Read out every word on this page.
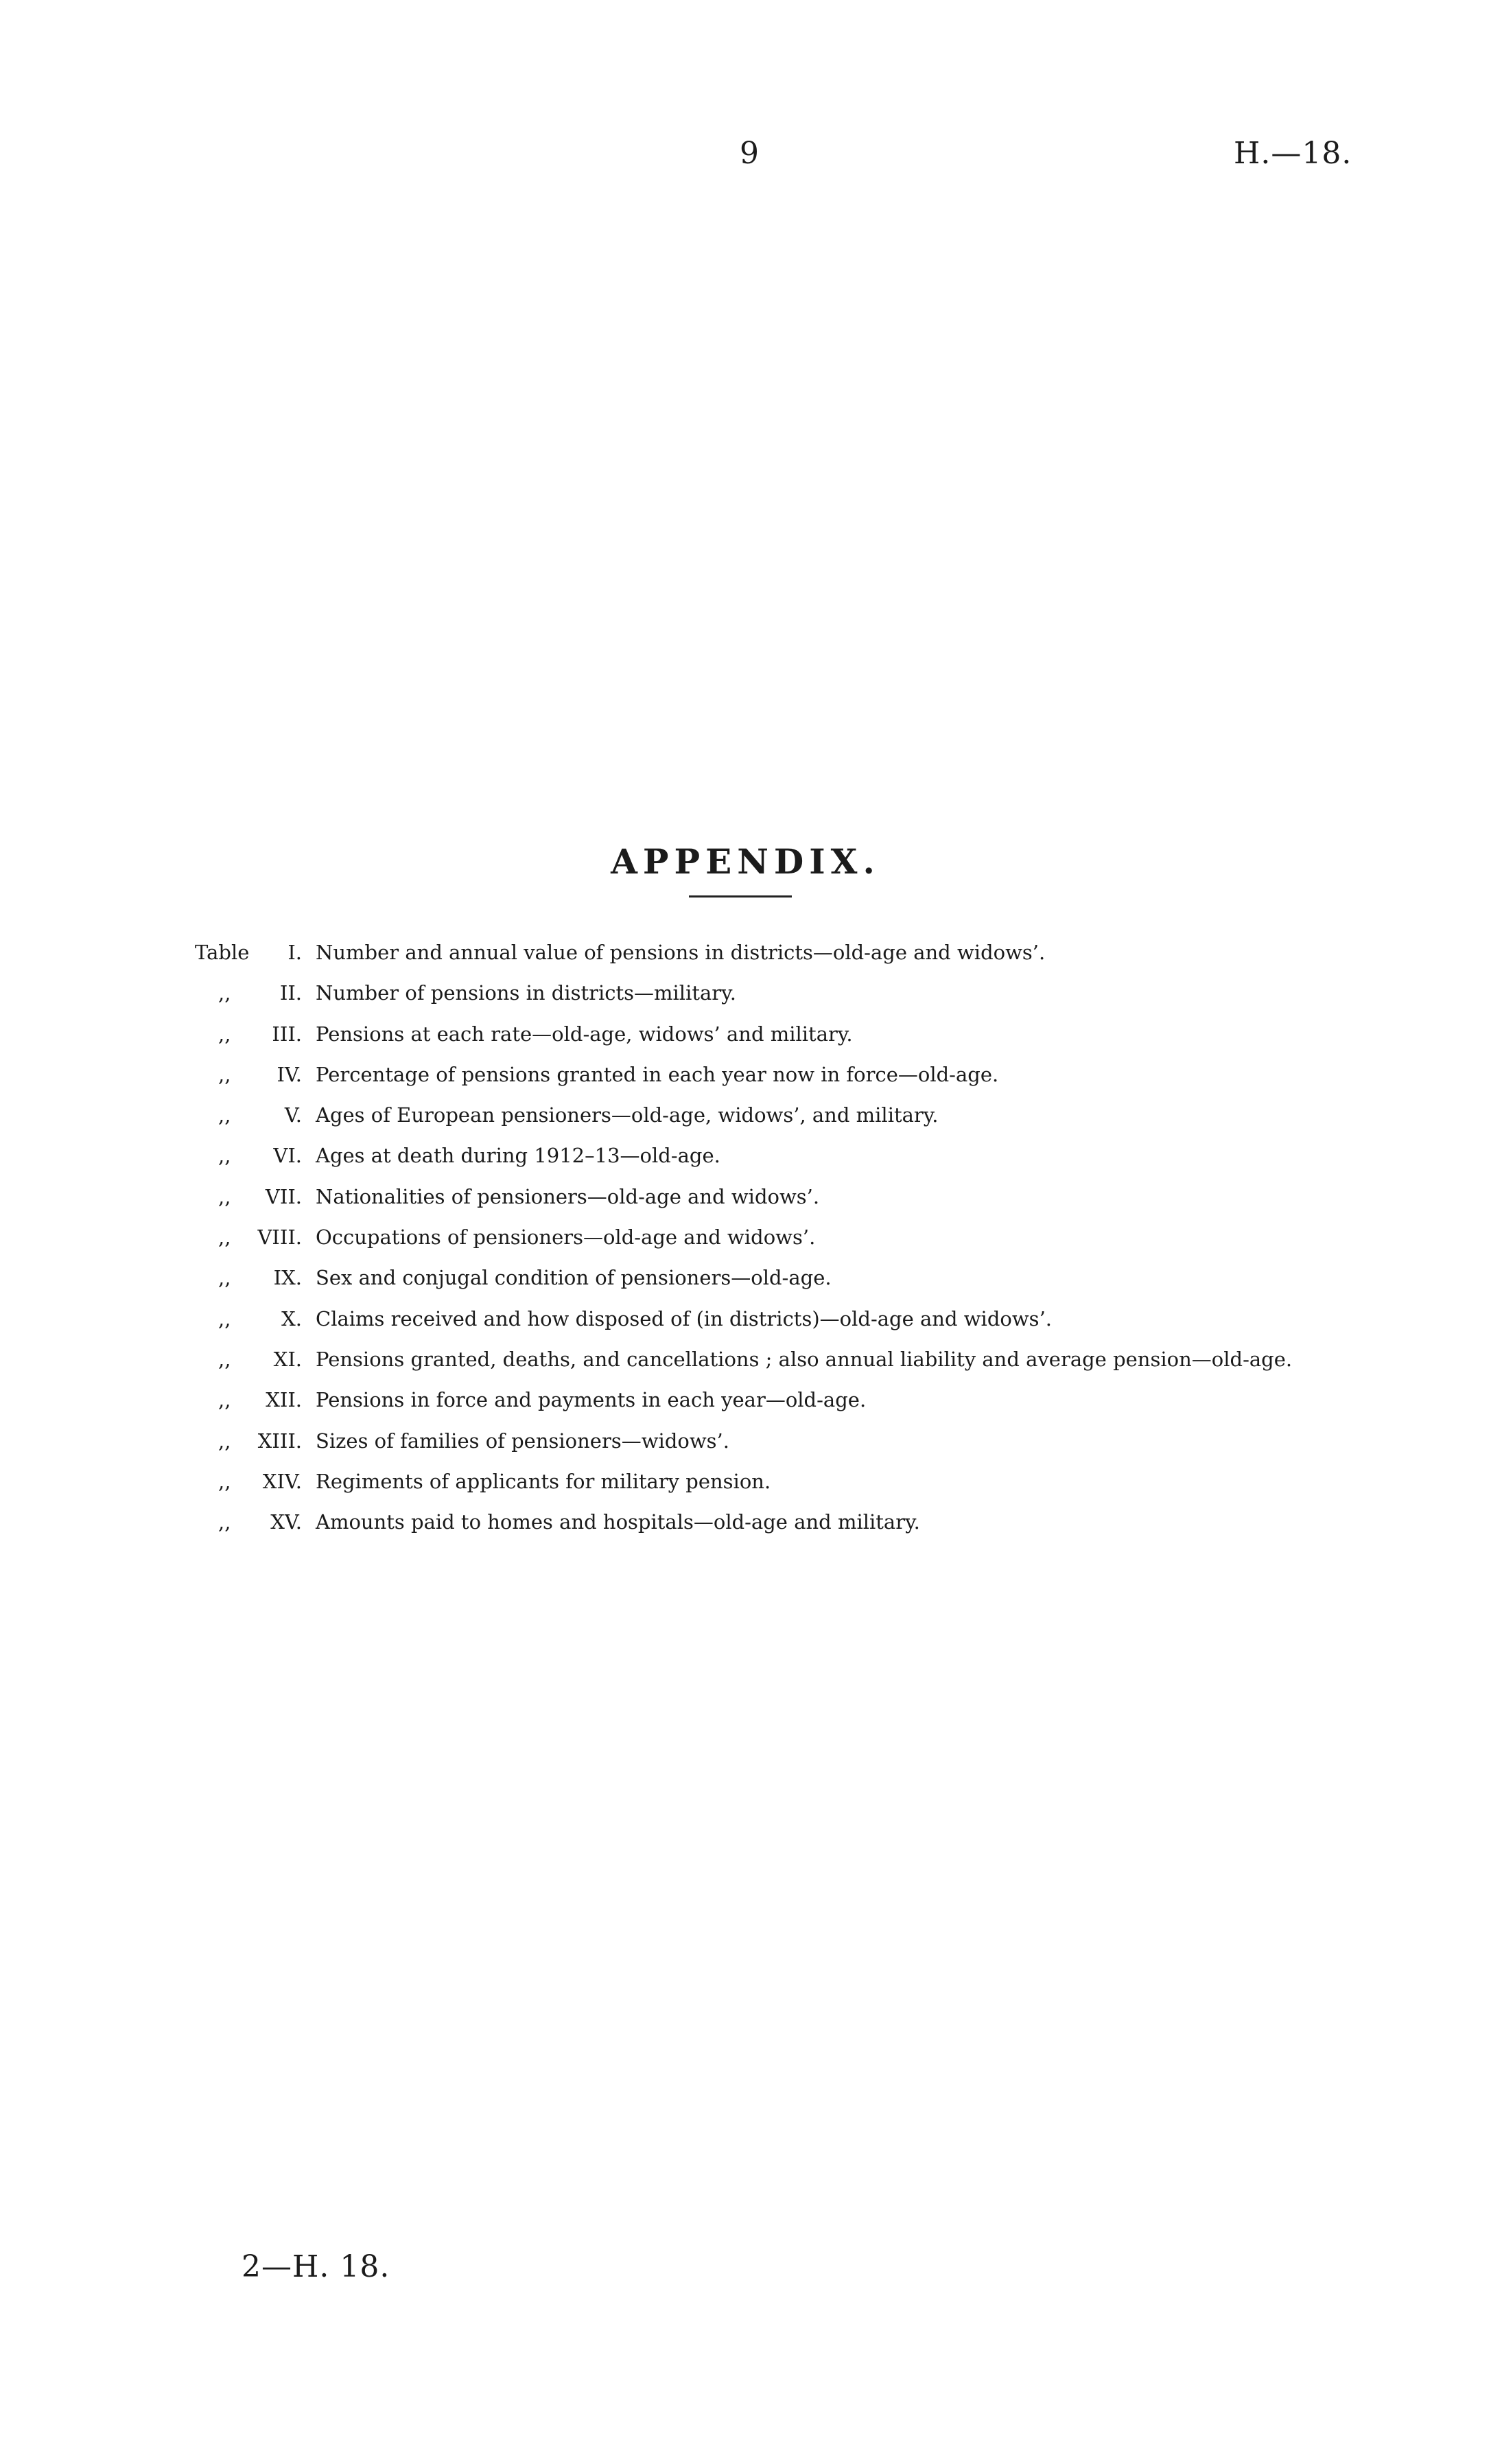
9	H.—18.
APPENDIX.
Table	I. Number and annual value of pensions in districts—old-age and widows’.
,,	II. Number of pensions in districts—military.
,,	III. Pensions at each rate—old-age, widows’ and military.
,,	IV. Percentage of pensions granted in each year now in force—old-age.
,,	V. Ages of European pensioners—old-age, widows’, and military.
,,	VI. Ages at death during 1912–13—old-age.
,,	VII. Nationalities of pensioners—old-age and widows’.
,,	VIII. Occupations of pensioners—old-age and widows’.
,,	IX. Sex and conjugal condition of pensioners—old-age.
,,	X. Claims received and how disposed of (in districts)—old-age and widows’.
,,	XI. Pensions granted, deaths, and cancellations ; also annual liability and average pension—old-age.
,,	XII. Pensions in force and payments in each year—old-age.
,,	XIII. Sizes of families of pensioners—widows’.
,,	XIV. Regiments of applicants for military pension.
,,	XV. Amounts paid to homes and hospitals—old-age and military.
2—H. 18.
